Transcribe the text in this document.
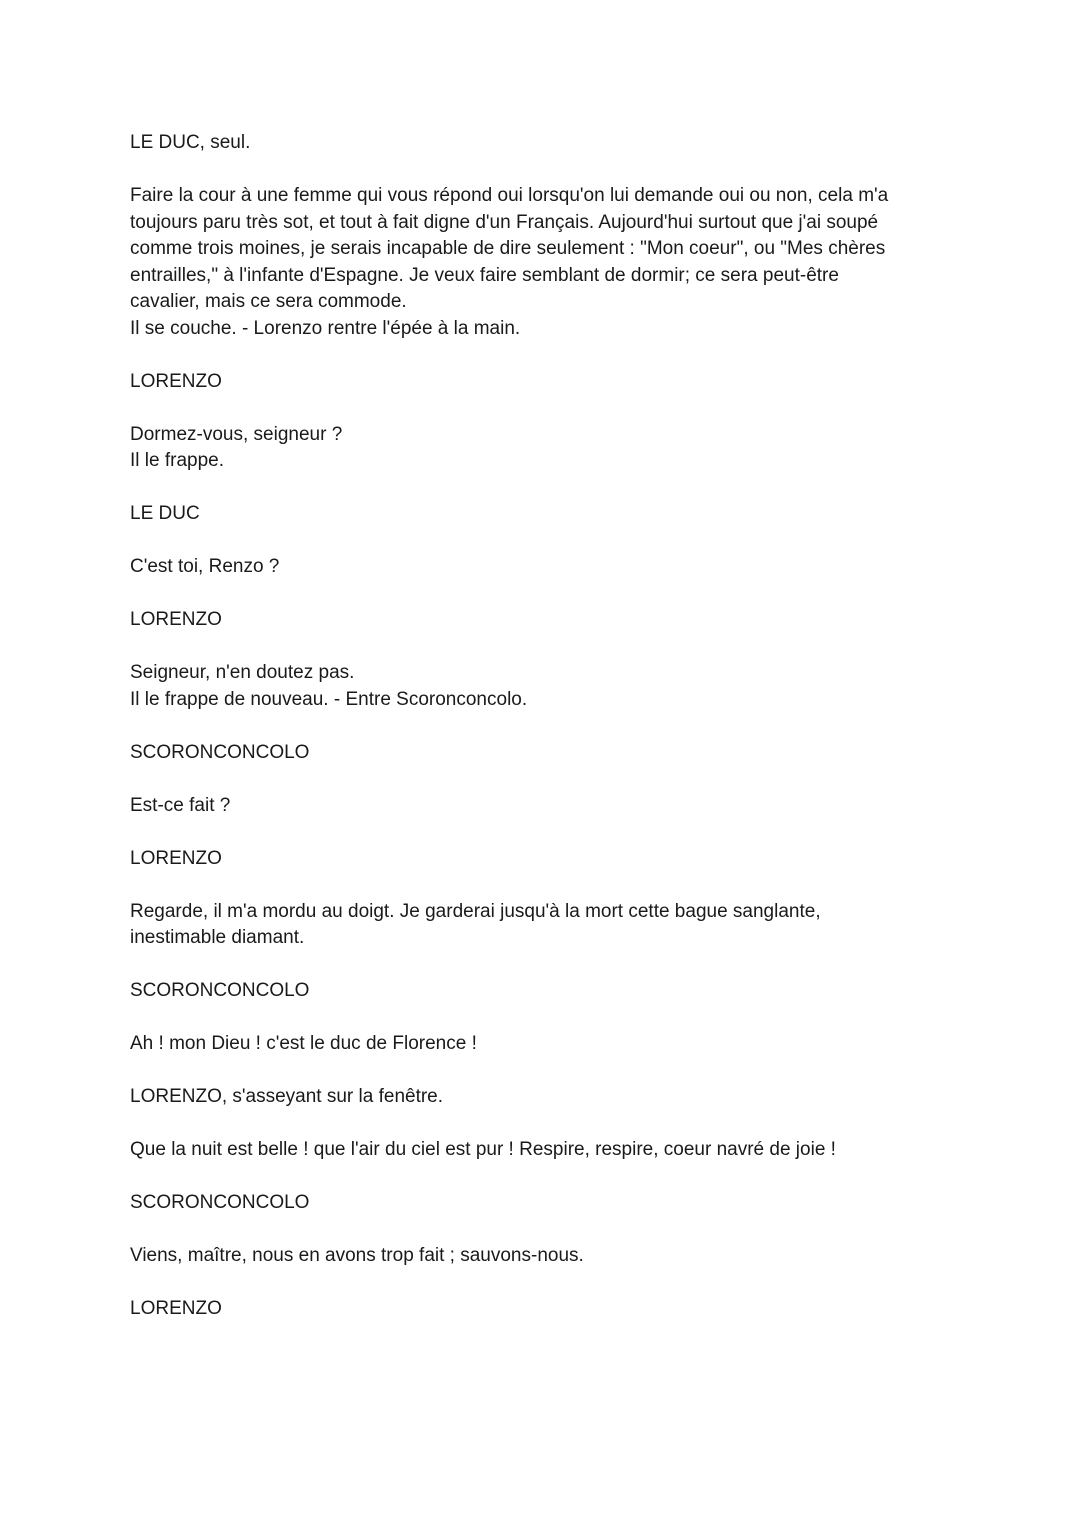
LE DUC, seul.
Faire la cour à une femme qui vous répond oui lorsqu'on lui demande oui ou non, cela m'a
toujours paru très sot, et tout à fait digne d'un Français. Aujourd'hui surtout que j'ai soupé
comme trois moines, je serais incapable de dire seulement : "Mon coeur", ou "Mes chères
entrailles," à l'infante d'Espagne. Je veux faire semblant de dormir; ce sera peut-être
cavalier, mais ce sera commode.
Il se couche. - Lorenzo rentre l'épée à la main.
LORENZO
Dormez-vous, seigneur ?
Il le frappe.
LE DUC
C'est toi, Renzo ?
LORENZO
Seigneur, n'en doutez pas.
Il le frappe de nouveau. - Entre Scoronconcolo.
SCORONCONCOLO
Est-ce fait ?
LORENZO
Regarde, il m'a mordu au doigt. Je garderai jusqu'à la mort cette bague sanglante,
inestimable diamant.
SCORONCONCOLO
Ah ! mon Dieu ! c'est le duc de Florence !
LORENZO, s'asseyant sur la fenêtre.
Que la nuit est belle ! que l'air du ciel est pur ! Respire, respire, coeur navré de joie !
SCORONCONCOLO
Viens, maître, nous en avons trop fait ; sauvons-nous.
LORENZO
